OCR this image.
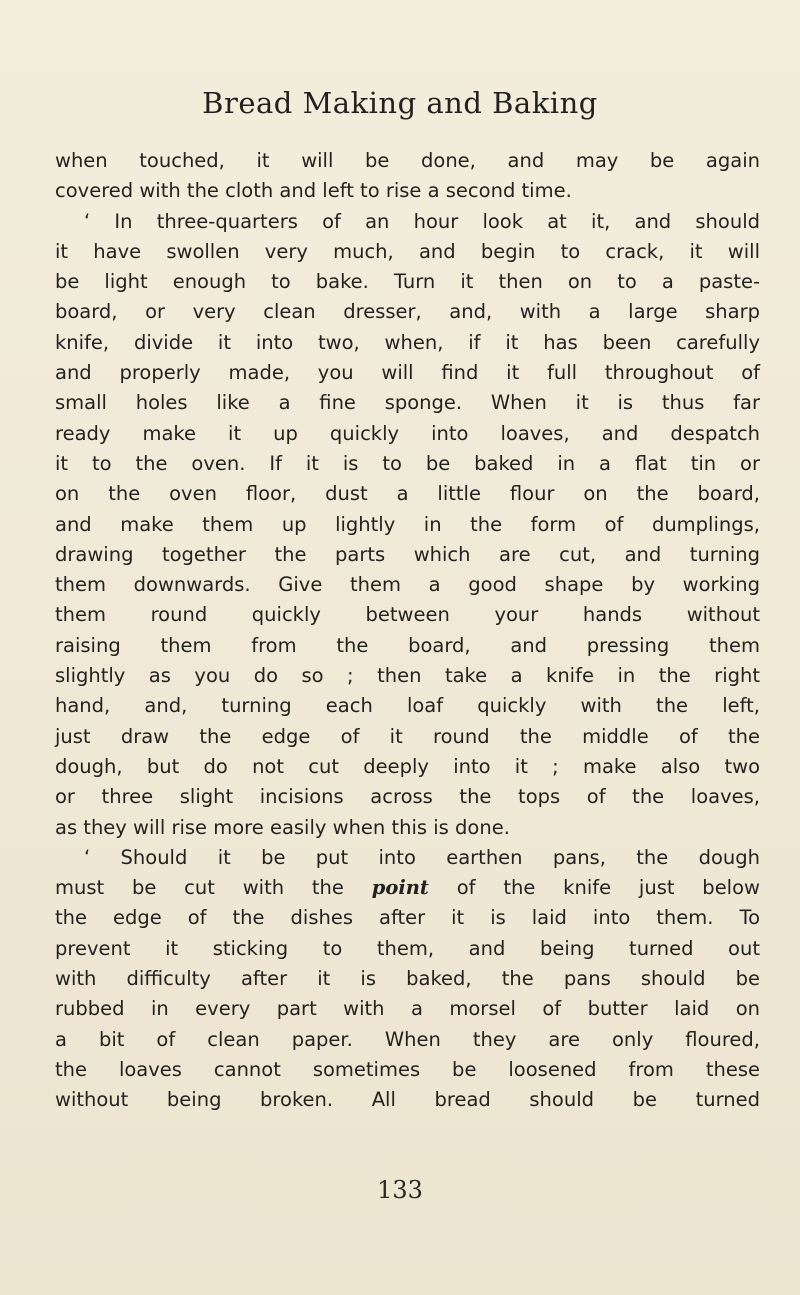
Bread Making and Baking
when touched, it will be done, and may be again
covered with the cloth and left to rise a second time.
‘ In three-quarters of an hour look at it, and should
it have swollen very much, and begin to crack, it will
be light enough to bake. Turn it then on to a paste-
board, or very clean dresser, and, with a large sharp
knife, divide it into two, when, if it has been carefully
and properly made, you will find it full throughout of
small holes like a fine sponge. When it is thus far
ready make it up quickly into loaves, and despatch
it to the oven. If it is to be baked in a flat tin or
on the oven floor, dust a little flour on the board,
and make them up lightly in the form of dumplings,
drawing together the parts which are cut, and turning
them downwards. Give them a good shape by working
them round quickly between your hands without
raising them from the board, and pressing them
slightly as you do so ; then take a knife in the right
hand, and, turning each loaf quickly with the left,
just draw the edge of it round the middle of the
dough, but do not cut deeply into it ; make also two
or three slight incisions across the tops of the loaves,
as they will rise more easily when this is done.
‘ Should it be put into earthen pans, the dough
must be cut with the point of the knife just below
the edge of the dishes after it is laid into them. To
prevent it sticking to them, and being turned out
with difficulty after it is baked, the pans should be
rubbed in every part with a morsel of butter laid on
a bit of clean paper. When they are only floured,
the loaves cannot sometimes be loosened from these
without being broken. All bread should be turned
133
